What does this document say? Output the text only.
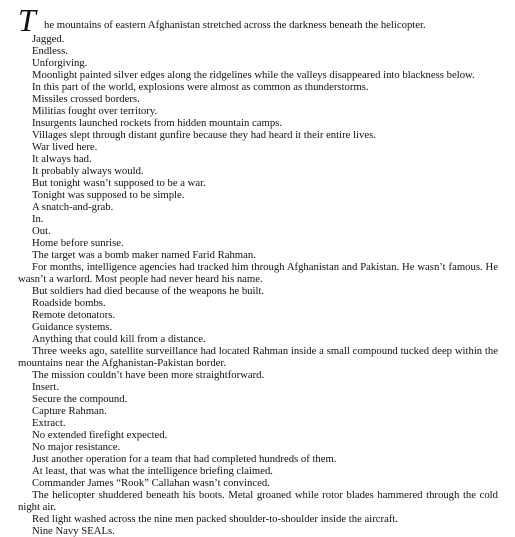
T he mountains of eastern Afghanistan stretched across the darkness beneath the helicopter.

Jagged.

Endless.

Unforgiving.

Moonlight painted silver edges along the ridgelines while the valleys disappeared into blackness below.

In this part of the world, explosions were almost as common as thunderstorms.

Missiles crossed borders.

Militias fought over territory.

Insurgents launched rockets from hidden mountain camps.

Villages slept through distant gunfire because they had heard it their entire lives.

War lived here.

It always had.

It probably always would.

But tonight wasn’t supposed to be a war.

Tonight was supposed to be simple.

A snatch-and-grab.

In.

Out.

Home before sunrise.

The target was a bomb maker named Farid Rahman.

For months, intelligence agencies had tracked him through Afghanistan and Pakistan. He wasn’t famous. He wasn’t a warlord. Most people had never heard his name.

But soldiers had died because of the weapons he built.

Roadside bombs.

Remote detonators.

Guidance systems.

Anything that could kill from a distance.

Three weeks ago, satellite surveillance had located Rahman inside a small compound tucked deep within the mountains near the Afghanistan-Pakistan border.

The mission couldn’t have been more straightforward.

Insert.

Secure the compound.

Capture Rahman.

Extract.

No extended firefight expected.

No major resistance.

Just another operation for a team that had completed hundreds of them.

At least, that was what the intelligence briefing claimed.

Commander James “Rook” Callahan wasn’t convinced.

The helicopter shuddered beneath his boots. Metal groaned while rotor blades hammered through the cold night air.

Red light washed across the nine men packed shoulder-to-shoulder inside the aircraft.

Nine Navy SEALs.
